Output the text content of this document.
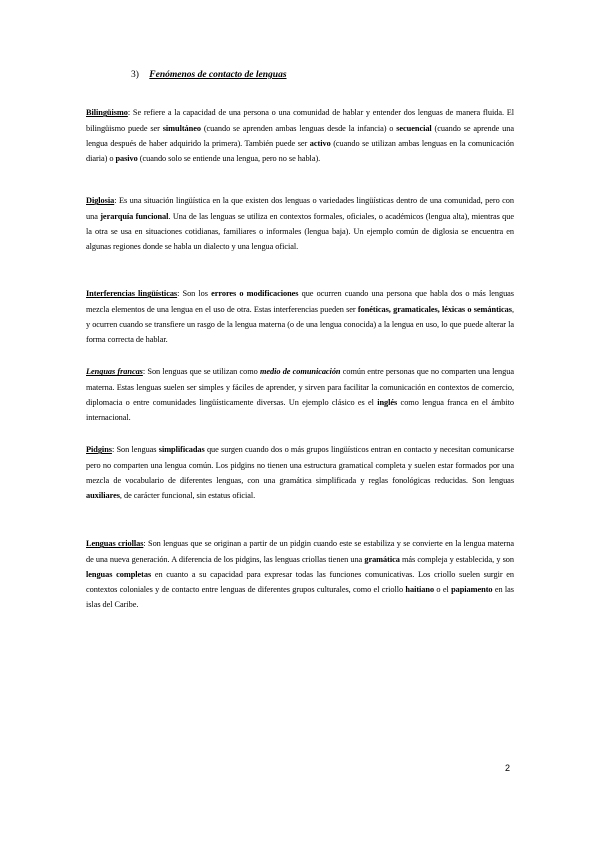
3) Fenómenos de contacto de lenguas

Bilingüismo: Se refiere a la capacidad de una persona o una comunidad de hablar y entender dos lenguas de manera fluida. El bilingüismo puede ser simultáneo (cuando se aprenden ambas lenguas desde la infancia) o secuencial (cuando se aprende una lengua después de haber adquirido la primera). También puede ser activo (cuando se utilizan ambas lenguas en la comunicación diaria) o pasivo (cuando solo se entiende una lengua, pero no se habla).

Diglosia: Es una situación lingüística en la que existen dos lenguas o variedades lingüísticas dentro de una comunidad, pero con una jerarquía funcional. Una de las lenguas se utiliza en contextos formales, oficiales, o académicos (lengua alta), mientras que la otra se usa en situaciones cotidianas, familiares o informales (lengua baja). Un ejemplo común de diglosia se encuentra en algunas regiones donde se habla un dialecto y una lengua oficial.

Interferencias lingüísticas: Son los errores o modificaciones que ocurren cuando una persona que habla dos o más lenguas mezcla elementos de una lengua en el uso de otra. Estas interferencias pueden ser fonéticas, gramaticales, léxicas o semánticas, y ocurren cuando se transfiere un rasgo de la lengua materna (o de una lengua conocida) a la lengua en uso, lo que puede alterar la forma correcta de hablar.

Lenguas francas: Son lenguas que se utilizan como medio de comunicación común entre personas que no comparten una lengua materna. Estas lenguas suelen ser simples y fáciles de aprender, y sirven para facilitar la comunicación en contextos de comercio, diplomacia o entre comunidades lingüísticamente diversas. Un ejemplo clásico es el inglés como lengua franca en el ámbito internacional.

Pidgins: Son lenguas simplificadas que surgen cuando dos o más grupos lingüísticos entran en contacto y necesitan comunicarse pero no comparten una lengua común. Los pidgins no tienen una estructura gramatical completa y suelen estar formados por una mezcla de vocabulario de diferentes lenguas, con una gramática simplificada y reglas fonológicas reducidas. Son lenguas auxiliares, de carácter funcional, sin estatus oficial.

Lenguas criollas: Son lenguas que se originan a partir de un pidgin cuando este se estabiliza y se convierte en la lengua materna de una nueva generación. A diferencia de los pidgins, las lenguas criollas tienen una gramática más compleja y establecida, y son lenguas completas en cuanto a su capacidad para expresar todas las funciones comunicativas. Los criollo suelen surgir en contextos coloniales y de contacto entre lenguas de diferentes grupos culturales, como el criollo haitiano o el papiamento en las islas del Caribe.

2
